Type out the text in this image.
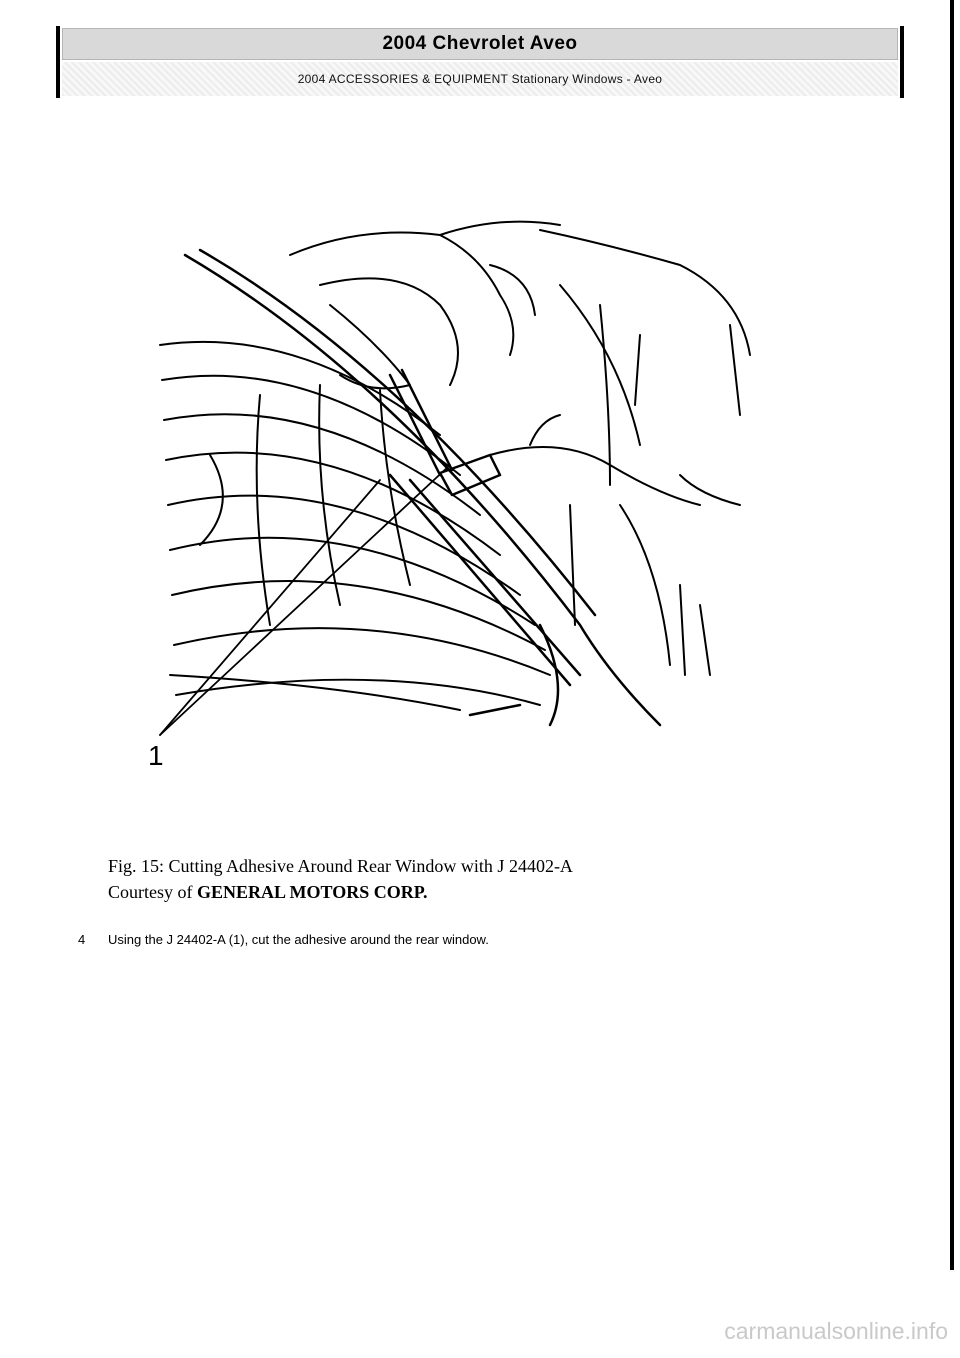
2004 Chevrolet Aveo
2004 ACCESSORIES & EQUIPMENT Stationary Windows - Aveo
1
Fig. 15: Cutting Adhesive Around Rear Window with J 24402-A
Courtesy of GENERAL MOTORS CORP.
4 Using the J 24402-A (1), cut the adhesive around the rear window.
carmanualsonline.info
